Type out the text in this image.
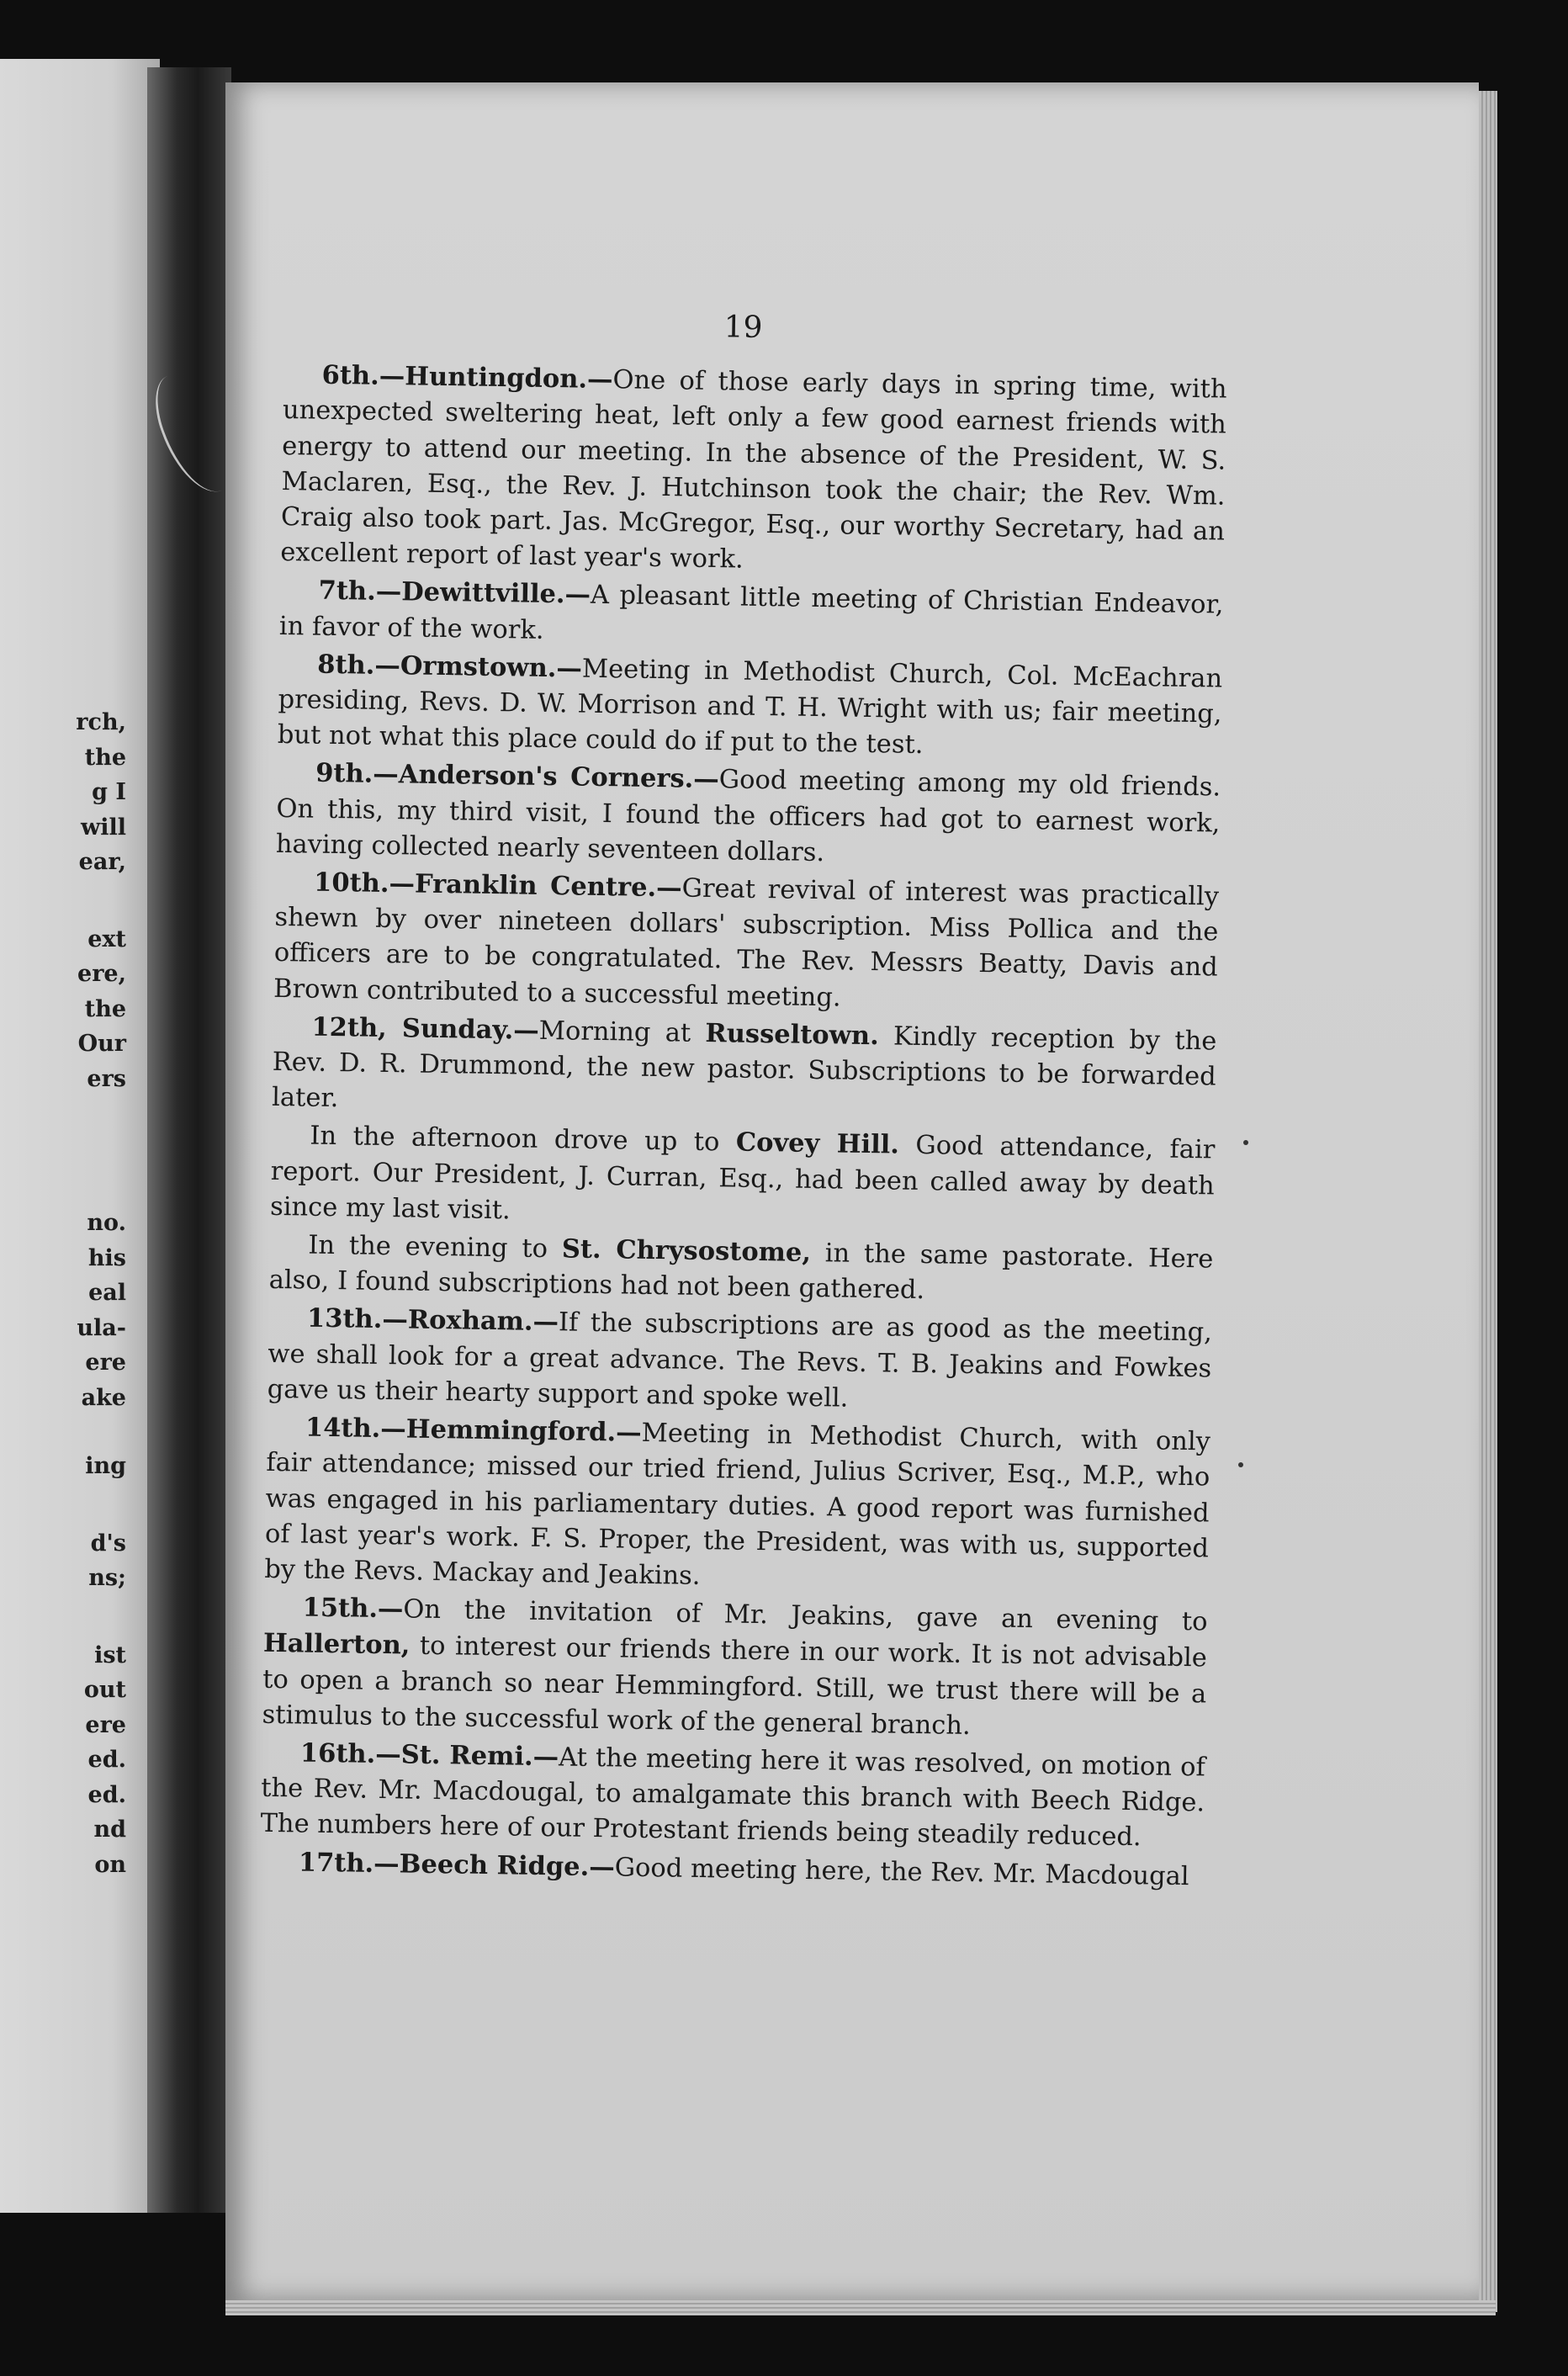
rch,
the
g I
will
ear,
ext
ere,
the
Our
ers
no.
his
eal
ula-
ere
ake
ing
d's
ns;
ist
out
ere
ed.
ed.
nd
on
19

6th.—Huntingdon.—One of those early days in spring time, with unexpected sweltering heat, left only a few good earnest friends with energy to attend our meeting. In the absence of the President, W. S. Maclaren, Esq., the Rev. J. Hutchinson took the chair; the Rev. Wm. Craig also took part. Jas. McGregor, Esq., our worthy Secretary, had an excellent report of last year's work.

7th.—Dewittville.—A pleasant little meeting of Christian Endeavor, in favor of the work.

8th.—Ormstown.—Meeting in Methodist Church, Col. McEachran presiding, Revs. D. W. Morrison and T. H. Wright with us; fair meeting, but not what this place could do if put to the test.

9th.—Anderson's Corners.—Good meeting among my old friends. On this, my third visit, I found the officers had got to earnest work, having collected nearly seventeen dollars.

10th.—Franklin Centre.—Great revival of interest was practically shewn by over nineteen dollars' subscription. Miss Pollica and the officers are to be congratulated. The Rev. Messrs Beatty, Davis and Brown contributed to a successful meeting.

12th, Sunday.—Morning at Russeltown. Kindly reception by the Rev. D. R. Drummond, the new pastor. Subscriptions to be forwarded later.

In the afternoon drove up to Covey Hill. Good attendance, fair report. Our President, J. Curran, Esq., had been called away by death since my last visit.

In the evening to St. Chrysostome, in the same pastorate. Here also, I found subscriptions had not been gathered.

13th.—Roxham.—If the subscriptions are as good as the meeting, we shall look for a great advance. The Revs. T. B. Jeakins and Fowkes gave us their hearty support and spoke well.

14th.—Hemmingford.—Meeting in Methodist Church, with only fair attendance; missed our tried friend, Julius Scriver, Esq., M.P., who was engaged in his parliamentary duties. A good report was furnished of last year's work. F. S. Proper, the President, was with us, supported by the Revs. Mackay and Jeakins.

15th.—On the invitation of Mr. Jeakins, gave an evening to Hallerton, to interest our friends there in our work. It is not advisable to open a branch so near Hemmingford. Still, we trust there will be a stimulus to the successful work of the general branch.

16th.—St. Remi.—At the meeting here it was resolved, on motion of the Rev. Mr. Macdougal, to amalgamate this branch with Beech Ridge. The numbers here of our Protestant friends being steadily reduced.

17th.—Beech Ridge.—Good meeting here, the Rev. Mr. Macdougal
